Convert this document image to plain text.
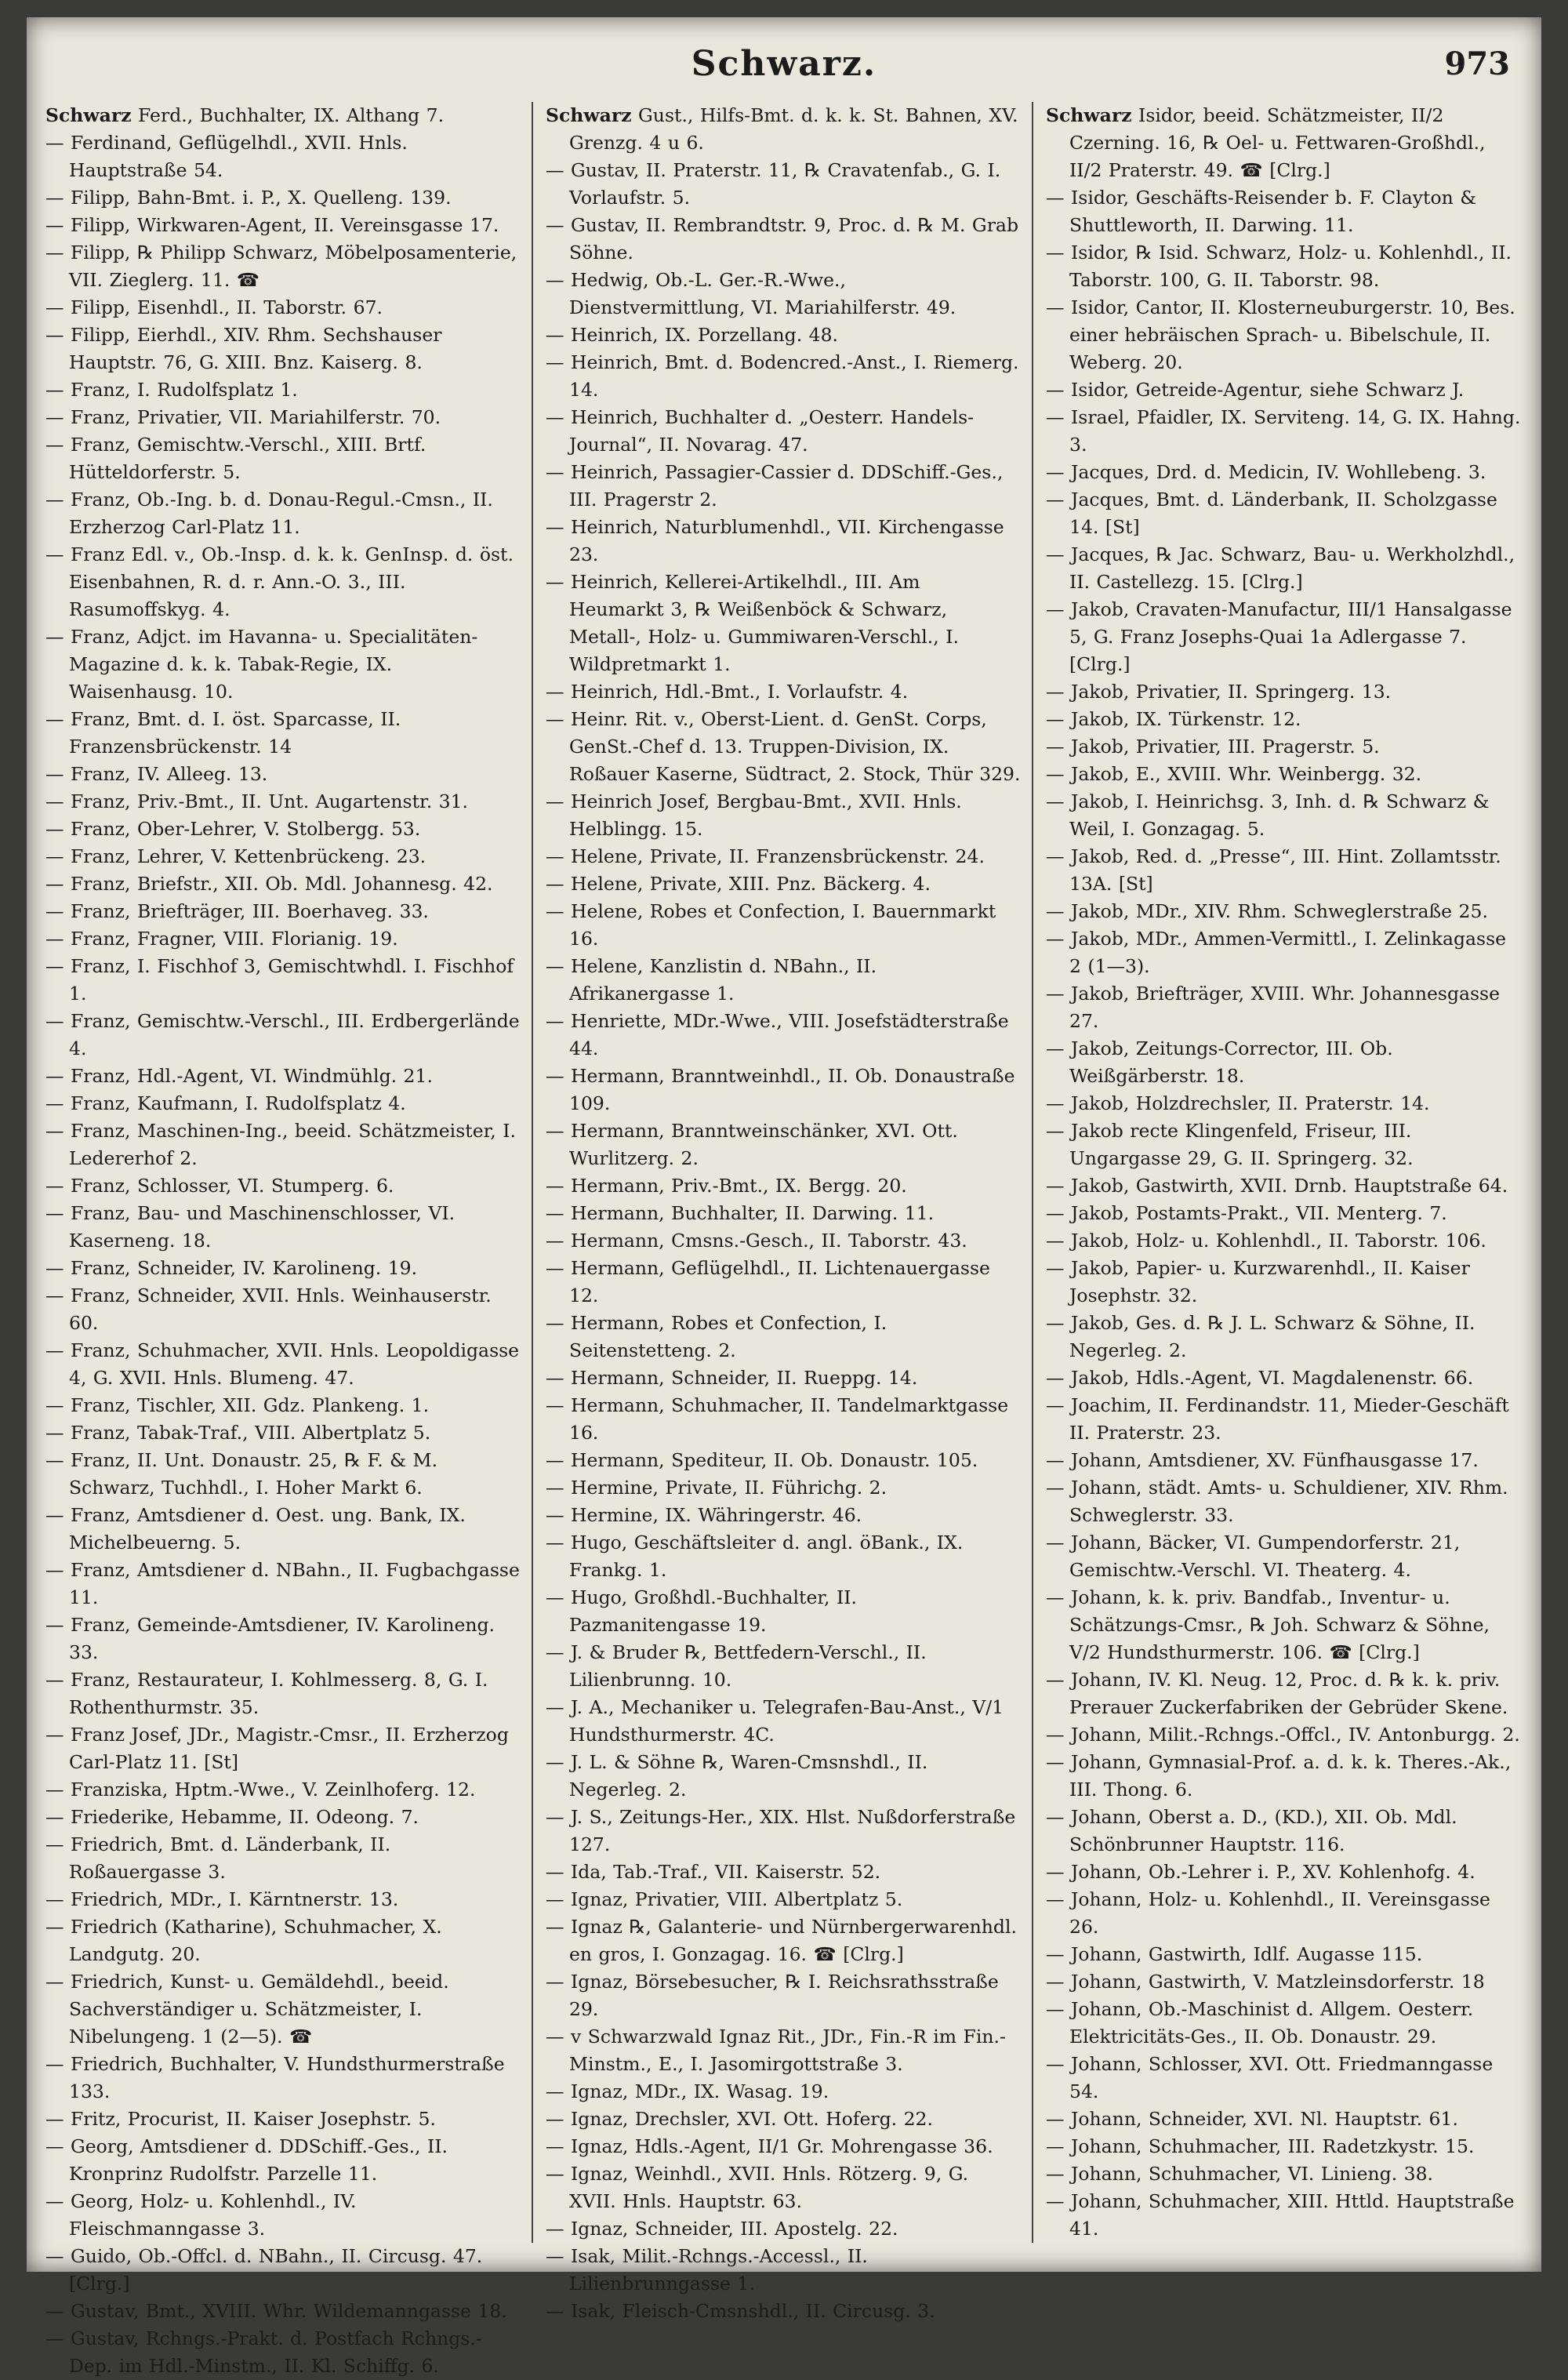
Schwarz.	973
Schwarz Ferd., Buchhalter, IX. Althang 7.
— Ferdinand, Geflügelhdl., XVII. Hnls. Hauptstraße 54.
— Filipp, Bahn-Bmt. i. P., X. Quelleng. 139.
— Filipp, Wirkwaren-Agent, II. Vereinsgasse 17.
— Filipp, ℞ Philipp Schwarz, Möbelposamenterie, VII. Zieglerg. 11. ☎
— Filipp, Eisenhdl., II. Taborstr. 67.
— Filipp, Eierhdl., XIV. Rhm. Sechshauser Hauptstr. 76, G. XIII. Bnz. Kaiserg. 8.
— Franz, I. Rudolfsplatz 1.
— Franz, Privatier, VII. Mariahilferstr. 70.
— Franz, Gemischtw.-Verschl., XIII. Brtf. Hütteldorferstr. 5.
— Franz, Ob.-Ing. b. d. Donau-Regul.-Cmsn., II. Erzherzog Carl-Platz 11.
— Franz Edl. v., Ob.-Insp. d. k. k. GenInsp. d. öst. Eisenbahnen, R. d. r. Ann.-O. 3., III. Rasumoffskyg. 4.
— Franz, Adjct. im Havanna- u. Specialitäten-Magazine d. k. k. Tabak-Regie, IX. Waisenhausg. 10.
— Franz, Bmt. d. I. öst. Sparcasse, II. Franzensbrückenstr. 14
— Franz, IV. Alleeg. 13.
— Franz, Priv.-Bmt., II. Unt. Augartenstr. 31.
— Franz, Ober-Lehrer, V. Stolbergg. 53.
— Franz, Lehrer, V. Kettenbrückeng. 23.
— Franz, Briefstr., XII. Ob. Mdl. Johannesg. 42.
— Franz, Briefträger, III. Boerhaveg. 33.
— Franz, Fragner, VIII. Florianig. 19.
— Franz, I. Fischhof 3, Gemischtwhdl. I. Fischhof 1.
— Franz, Gemischtw.-Verschl., III. Erdbergerlände 4.
— Franz, Hdl.-Agent, VI. Windmühlg. 21.
— Franz, Kaufmann, I. Rudolfsplatz 4.
— Franz, Maschinen-Ing., beeid. Schätzmeister, I. Ledererhof 2.
— Franz, Schlosser, VI. Stumperg. 6.
— Franz, Bau- und Maschinenschlosser, VI. Kaserneng. 18.
— Franz, Schneider, IV. Karolineng. 19.
— Franz, Schneider, XVII. Hnls. Weinhauserstr. 60.
— Franz, Schuhmacher, XVII. Hnls. Leopoldigasse 4, G. XVII. Hnls. Blumeng. 47.
— Franz, Tischler, XII. Gdz. Plankeng. 1.
— Franz, Tabak-Traf., VIII. Albertplatz 5.
— Franz, II. Unt. Donaustr. 25, ℞ F. & M. Schwarz, Tuchhdl., I. Hoher Markt 6.
— Franz, Amtsdiener d. Oest. ung. Bank, IX. Michelbeuerng. 5.
— Franz, Amtsdiener d. NBahn., II. Fugbachgasse 11.
— Franz, Gemeinde-Amtsdiener, IV. Karolineng. 33.
— Franz, Restaurateur, I. Kohlmesserg. 8, G. I. Rothenthurmstr. 35.
— Franz Josef, JDr., Magistr.-Cmsr., II. Erzherzog Carl-Platz 11. [St]
— Franziska, Hptm.-Wwe., V. Zeinlhoferg. 12.
— Friederike, Hebamme, II. Odeong. 7.
— Friedrich, Bmt. d. Länderbank, II. Roßauergasse 3.
— Friedrich, MDr., I. Kärntnerstr. 13.
— Friedrich (Katharine), Schuhmacher, X. Landgutg. 20.
— Friedrich, Kunst- u. Gemäldehdl., beeid. Sachverständiger u. Schätzmeister, I. Nibelungeng. 1 (2—5). ☎
— Friedrich, Buchhalter, V. Hundsthurmerstraße 133.
— Fritz, Procurist, II. Kaiser Josephstr. 5.
— Georg, Amtsdiener d. DDSchiff.-Ges., II. Kronprinz Rudolfstr. Parzelle 11.
— Georg, Holz- u. Kohlenhdl., IV. Fleischmanngasse 3.
— Guido, Ob.-Offcl. d. NBahn., II. Circusg. 47. [Clrg.]
— Gustav, Bmt., XVIII. Whr. Wildemanngasse 18.
— Gustav, Rchngs.-Prakt. d. Postfach Rchngs.-Dep. im Hdl.-Minstm., II. Kl. Schiffg. 6.
Schwarz Gust., Hilfs-Bmt. d. k. k. St. Bahnen, XV. Grenzg. 4 u 6.
— Gustav, II. Praterstr. 11, ℞ Cravatenfab., G. I. Vorlaufstr. 5.
— Gustav, II. Rembrandtstr. 9, Proc. d. ℞ M. Grab Söhne.
— Hedwig, Ob.-L. Ger.-R.-Wwe., Dienstvermittlung, VI. Mariahilferstr. 49.
— Heinrich, IX. Porzellang. 48.
— Heinrich, Bmt. d. Bodencred.-Anst., I. Riemerg. 14.
— Heinrich, Buchhalter d. „Oesterr. Handels-Journal“, II. Novarag. 47.
— Heinrich, Passagier-Cassier d. DDSchiff.-Ges., III. Pragerstr 2.
— Heinrich, Naturblumenhdl., VII. Kirchengasse 23.
— Heinrich, Kellerei-Artikelhdl., III. Am Heumarkt 3, ℞ Weißenböck & Schwarz, Metall-, Holz- u. Gummiwaren-Verschl., I. Wildpretmarkt 1.
— Heinrich, Hdl.-Bmt., I. Vorlaufstr. 4.
— Heinr. Rit. v., Oberst-Lient. d. GenSt. Corps, GenSt.-Chef d. 13. Truppen-Division, IX. Roßauer Kaserne, Südtract, 2. Stock, Thür 329.
— Heinrich Josef, Bergbau-Bmt., XVII. Hnls. Helblingg. 15.
— Helene, Private, II. Franzensbrückenstr. 24.
— Helene, Private, XIII. Pnz. Bäckerg. 4.
— Helene, Robes et Confection, I. Bauernmarkt 16.
— Helene, Kanzlistin d. NBahn., II. Afrikanergasse 1.
— Henriette, MDr.-Wwe., VIII. Josefstädterstraße 44.
— Hermann, Branntweinhdl., II. Ob. Donaustraße 109.
— Hermann, Branntweinschänker, XVI. Ott. Wurlitzerg. 2.
— Hermann, Priv.-Bmt., IX. Bergg. 20.
— Hermann, Buchhalter, II. Darwing. 11.
— Hermann, Cmsns.-Gesch., II. Taborstr. 43.
— Hermann, Geflügelhdl., II. Lichtenauergasse 12.
— Hermann, Robes et Confection, I. Seitenstetteng. 2.
— Hermann, Schneider, II. Rueppg. 14.
— Hermann, Schuhmacher, II. Tandelmarktgasse 16.
— Hermann, Spediteur, II. Ob. Donaustr. 105.
— Hermine, Private, II. Führichg. 2.
— Hermine, IX. Währingerstr. 46.
— Hugo, Geschäftsleiter d. angl. öBank., IX. Frankg. 1.
— Hugo, Großhdl.-Buchhalter, II. Pazmanitengasse 19.
— J. & Bruder ℞, Bettfedern-Verschl., II. Lilienbrunng. 10.
— J. A., Mechaniker u. Telegrafen-Bau-Anst., V/1 Hundsthurmerstr. 4C.
— J. L. & Söhne ℞, Waren-Cmsnshdl., II. Negerleg. 2.
— J. S., Zeitungs-Her., XIX. Hlst. Nußdorferstraße 127.
— Ida, Tab.-Traf., VII. Kaiserstr. 52.
— Ignaz, Privatier, VIII. Albertplatz 5.
— Ignaz ℞, Galanterie- und Nürnbergerwarenhdl. en gros, I. Gonzagag. 16. ☎ [Clrg.]
— Ignaz, Börsebesucher, ℞ I. Reichsrathsstraße 29.
— v Schwarzwald Ignaz Rit., JDr., Fin.-R im Fin.-Minstm., E., I. Jasomirgottstraße 3.
— Ignaz, MDr., IX. Wasag. 19.
— Ignaz, Drechsler, XVI. Ott. Hoferg. 22.
— Ignaz, Hdls.-Agent, II/1 Gr. Mohrengasse 36.
— Ignaz, Weinhdl., XVII. Hnls. Rötzerg. 9, G. XVII. Hnls. Hauptstr. 63.
— Ignaz, Schneider, III. Apostelg. 22.
— Isak, Milit.-Rchngs.-Accessl., II. Lilienbrunngasse 1.
— Isak, Fleisch-Cmsnshdl., II. Circusg. 3.
Schwarz Isidor, beeid. Schätzmeister, II/2 Czerning. 16, ℞ Oel- u. Fettwaren-Großhdl., II/2 Praterstr. 49. ☎ [Clrg.]
— Isidor, Geschäfts-Reisender b. F. Clayton & Shuttleworth, II. Darwing. 11.
— Isidor, ℞ Isid. Schwarz, Holz- u. Kohlenhdl., II. Taborstr. 100, G. II. Taborstr. 98.
— Isidor, Cantor, II. Klosterneuburgerstr. 10, Bes. einer hebräischen Sprach- u. Bibelschule, II. Weberg. 20.
— Isidor, Getreide-Agentur, siehe Schwarz J.
— Israel, Pfaidler, IX. Serviteng. 14, G. IX. Hahng. 3.
— Jacques, Drd. d. Medicin, IV. Wohllebeng. 3.
— Jacques, Bmt. d. Länderbank, II. Scholzgasse 14. [St]
— Jacques, ℞ Jac. Schwarz, Bau- u. Werkholzhdl., II. Castellezg. 15. [Clrg.]
— Jakob, Cravaten-Manufactur, III/1 Hansalgasse 5, G. Franz Josephs-Quai 1a Adlergasse 7. [Clrg.]
— Jakob, Privatier, II. Springerg. 13.
— Jakob, IX. Türkenstr. 12.
— Jakob, Privatier, III. Pragerstr. 5.
— Jakob, E., XVIII. Whr. Weinbergg. 32.
— Jakob, I. Heinrichsg. 3, Inh. d. ℞ Schwarz & Weil, I. Gonzagag. 5.
— Jakob, Red. d. „Presse“, III. Hint. Zollamtsstr. 13A. [St]
— Jakob, MDr., XIV. Rhm. Schweglerstraße 25.
— Jakob, MDr., Ammen-Vermittl., I. Zelinkagasse 2 (1—3).
— Jakob, Briefträger, XVIII. Whr. Johannesgasse 27.
— Jakob, Zeitungs-Corrector, III. Ob. Weißgärberstr. 18.
— Jakob, Holzdrechsler, II. Praterstr. 14.
— Jakob recte Klingenfeld, Friseur, III. Ungargasse 29, G. II. Springerg. 32.
— Jakob, Gastwirth, XVII. Drnb. Hauptstraße 64.
— Jakob, Postamts-Prakt., VII. Menterg. 7.
— Jakob, Holz- u. Kohlenhdl., II. Taborstr. 106.
— Jakob, Papier- u. Kurzwarenhdl., II. Kaiser Josephstr. 32.
— Jakob, Ges. d. ℞ J. L. Schwarz & Söhne, II. Negerleg. 2.
— Jakob, Hdls.-Agent, VI. Magdalenenstr. 66.
— Joachim, II. Ferdinandstr. 11, Mieder-Geschäft II. Praterstr. 23.
— Johann, Amtsdiener, XV. Fünfhausgasse 17.
— Johann, städt. Amts- u. Schuldiener, XIV. Rhm. Schweglerstr. 33.
— Johann, Bäcker, VI. Gumpendorferstr. 21, Gemischtw.-Verschl. VI. Theaterg. 4.
— Johann, k. k. priv. Bandfab., Inventur- u. Schätzungs-Cmsr., ℞ Joh. Schwarz & Söhne, V/2 Hundsthurmerstr. 106. ☎ [Clrg.]
— Johann, IV. Kl. Neug. 12, Proc. d. ℞ k. k. priv. Prerauer Zuckerfabriken der Gebrüder Skene.
— Johann, Milit.-Rchngs.-Offcl., IV. Antonburgg. 2.
— Johann, Gymnasial-Prof. a. d. k. k. Theres.-Ak., III. Thong. 6.
— Johann, Oberst a. D., (KD.), XII. Ob. Mdl. Schönbrunner Hauptstr. 116.
— Johann, Ob.-Lehrer i. P., XV. Kohlenhofg. 4.
— Johann, Holz- u. Kohlenhdl., II. Vereinsgasse 26.
— Johann, Gastwirth, Idlf. Augasse 115.
— Johann, Gastwirth, V. Matzleinsdorferstr. 18
— Johann, Ob.-Maschinist d. Allgem. Oesterr. Elektricitäts-Ges., II. Ob. Donaustr. 29.
— Johann, Schlosser, XVI. Ott. Friedmanngasse 54.
— Johann, Schneider, XVI. Nl. Hauptstr. 61.
— Johann, Schuhmacher, III. Radetzkystr. 15.
— Johann, Schuhmacher, VI. Linieng. 38.
— Johann, Schuhmacher, XIII. Httld. Hauptstraße 41.
